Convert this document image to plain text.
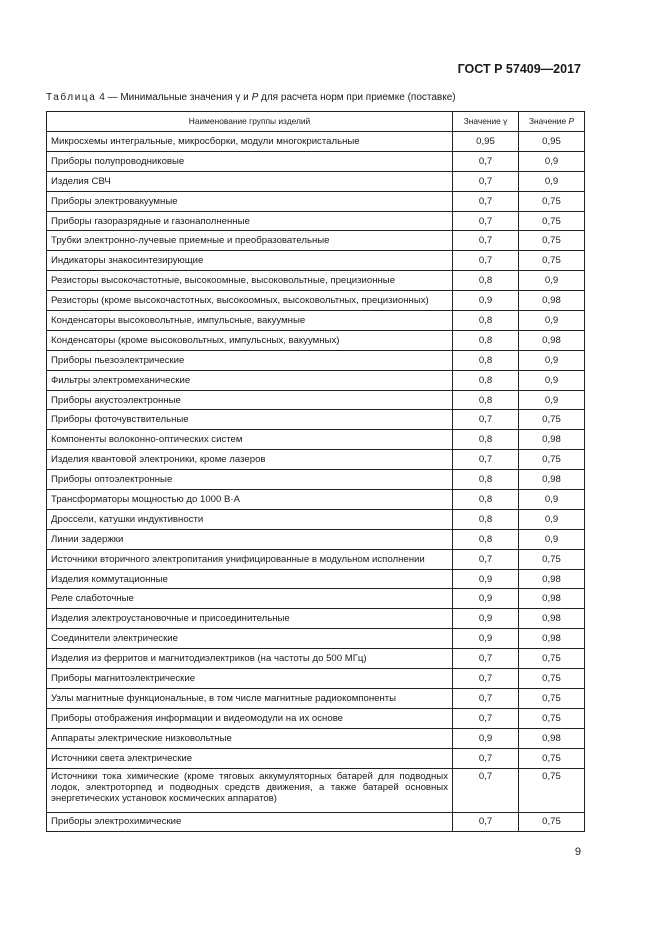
ГОСТ Р 57409—2017
Таблица 4 — Минимальные значения γ и P для расчета норм при приемке (поставке)
Наименование группы изделий	Значение γ	Значение P
Микросхемы интегральные, микросборки, модули многокристальные	0,95	0,95
Приборы полупроводниковые	0,7	0,9
Изделия СВЧ	0,7	0,9
Приборы электровакуумные	0,7	0,75
Приборы газоразрядные и газонаполненные	0,7	0,75
Трубки электронно-лучевые приемные и преобразовательные	0,7	0,75
Индикаторы знакосинтезирующие	0,7	0,75
Резисторы высокочастотные, высокоомные, высоковольтные, прецизионные	0,8	0,9
Резисторы (кроме высокочастотных, высокоомных, высоковольтных, прецизионных)	0,9	0,98
Конденсаторы высоковольтные, импульсные, вакуумные	0,8	0,9
Конденсаторы (кроме высоковольтных, импульсных, вакуумных)	0,8	0,98
Приборы пьезоэлектрические	0,8	0,9
Фильтры электромеханические	0,8	0,9
Приборы акустоэлектронные	0,8	0,9
Приборы фоточувствительные	0,7	0,75
Компоненты волоконно-оптических систем	0,8	0,98
Изделия квантовой электроники, кроме лазеров	0,7	0,75
Приборы оптоэлектронные	0,8	0,98
Трансформаторы мощностью до 1000 В·А	0,8	0,9
Дроссели, катушки индуктивности	0,8	0,9
Линии задержки	0,8	0,9
Источники вторичного электропитания унифицированные в модульном исполнении	0,7	0,75
Изделия коммутационные	0,9	0,98
Реле слаботочные	0,9	0,98
Изделия электроустановочные и присоединительные	0,9	0,98
Соединители электрические	0,9	0,98
Изделия из ферритов и магнитодиэлектриков (на частоты до 500 МГц)	0,7	0,75
Приборы магнитоэлектрические	0,7	0,75
Узлы магнитные функциональные, в том числе магнитные радиокомпоненты	0,7	0,75
Приборы отображения информации и видеомодули на их основе	0,7	0,75
Аппараты электрические низковольтные	0,9	0,98
Источники света электрические	0,7	0,75
Источники тока химические (кроме тяговых аккумуляторных батарей для подводных лодок, электроторпед и подводных средств движения, а также батарей основных энергетических установок космических аппаратов)	0,7	0,75
Приборы электрохимические	0,7	0,75
9
